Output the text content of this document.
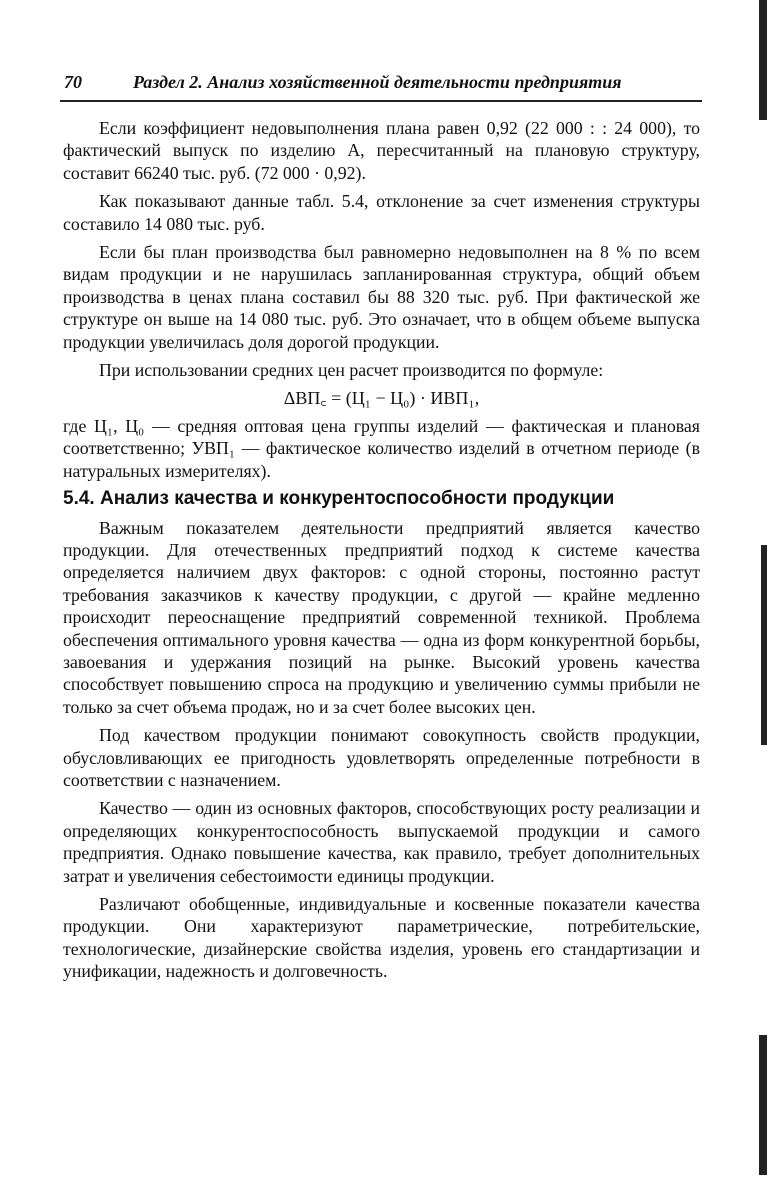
70	Раздел 2. Анализ хозяйственной деятельности предприятия

Если коэффициент недовыполнения плана равен 0,92 (22 000 : : 24 000), то фактический выпуск по изделию А, пересчитанный на плановую структуру, составит 66240 тыс. руб. (72 000 · 0,92).

Как показывают данные табл. 5.4, отклонение за счет изменения структуры составило 14 080 тыс. руб.

Если бы план производства был равномерно недовыполнен на 8 % по всем видам продукции и не нарушилась запланированная структура, общий объем производства в ценах плана составил бы 88 320 тыс. руб. При фактической же структуре он выше на 14 080 тыс. руб. Это означает, что в общем объеме выпуска продукции увеличилась доля дорогой продукции.

При использовании средних цен расчет производится по формуле:

ΔВП꜀ = (Ц₁ − Ц₀) · ИВП₁,

где Ц₁, Ц₀ — средняя оптовая цена группы изделий — фактическая и плановая соответственно; УВП₁ — фактическое количество изделий в отчетном периоде (в натуральных измерителях).

5.4. Анализ качества и конкурентоспособности продукции

Важным показателем деятельности предприятий является качество продукции. Для отечественных предприятий подход к системе качества определяется наличием двух факторов: с одной стороны, постоянно растут требования заказчиков к качеству продукции, с другой — крайне медленно происходит переоснащение предприятий современной техникой. Проблема обеспечения оптимального уровня качества — одна из форм конкурентной борьбы, завоевания и удержания позиций на рынке. Высокий уровень качества способствует повышению спроса на продукцию и увеличению суммы прибыли не только за счет объема продаж, но и за счет более высоких цен.

Под качеством продукции понимают совокупность свойств продукции, обусловливающих ее пригодность удовлетворять определенные потребности в соответствии с назначением.

Качество — один из основных факторов, способствующих росту реализации и определяющих конкурентоспособность выпускаемой продукции и самого предприятия. Однако повышение качества, как правило, требует дополнительных затрат и увеличения себестоимости единицы продукции.

Различают обобщенные, индивидуальные и косвенные показатели качества продукции. Они характеризуют параметрические, потребительские, технологические, дизайнерские свойства изделия, уровень его стандартизации и унификации, надежность и долговечность.
